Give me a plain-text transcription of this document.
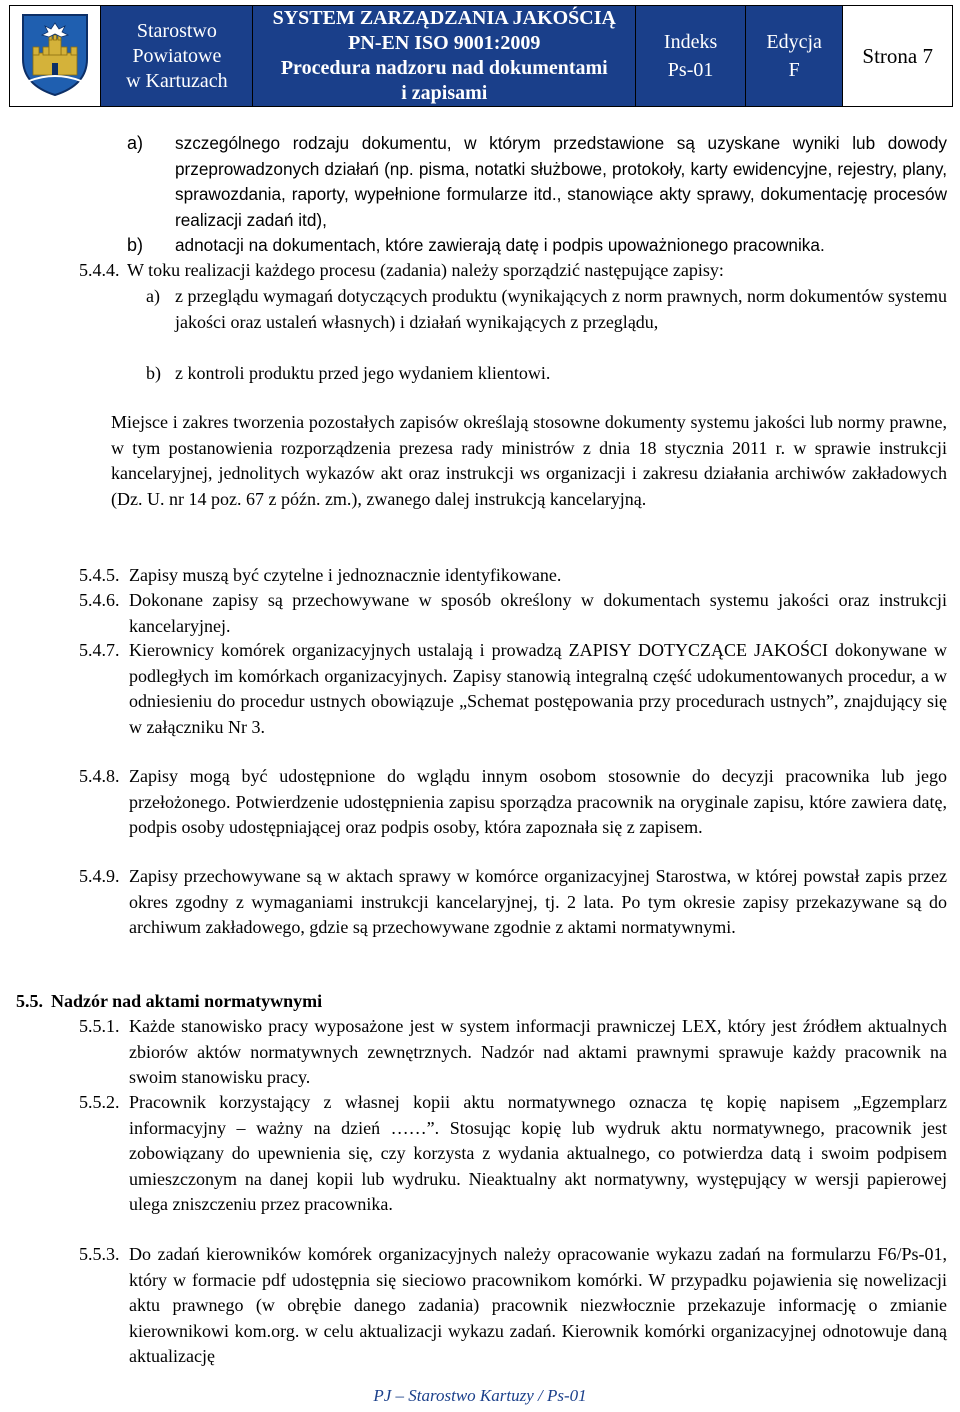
Starostwo
Powiatowe
w Kartuzach

SYSTEM ZARZĄDZANIA JAKOŚCIĄ
PN-EN ISO 9001:2009
Procedura nadzoru nad dokumentami
i zapisami

Indeks
Ps-01

Edycja
F
	Strona 7
a) szczególnego rodzaju dokumentu, w którym przedstawione są uzyskane wyniki lub dowody przeprowadzonych działań (np. pisma, notatki służbowe, protokoły, karty ewidencyjne, rejestry, plany, sprawozdania, raporty, wypełnione formularze itd., stanowiące akty sprawy, dokumentację procesów realizacji zadań itd),
b) adnotacji na dokumentach, które zawierają datę i podpis upoważnionego pracownika.
5.4.4. W toku realizacji każdego procesu (zadania) należy sporządzić następujące zapisy:
a) z przeglądu wymagań dotyczących produktu (wynikających z norm prawnych, norm dokumentów systemu jakości oraz ustaleń własnych) i działań wynikających z przeglądu,
b) z kontroli produktu przed jego wydaniem klientowi.
Miejsce i zakres tworzenia pozostałych zapisów określają stosowne dokumenty systemu jakości lub normy prawne, w tym postanowienia rozporządzenia prezesa rady ministrów z dnia 18 stycznia 2011 r. w sprawie instrukcji kancelaryjnej, jednolitych wykazów akt oraz instrukcji ws organizacji i zakresu działania archiwów zakładowych (Dz. U. nr 14 poz. 67 z późn. zm.), zwanego dalej instrukcją kancelaryjną.
5.4.5. Zapisy muszą być czytelne i jednoznacznie identyfikowane.
5.4.6. Dokonane zapisy są przechowywane w sposób określony w dokumentach systemu jakości oraz instrukcji kancelaryjnej.
5.4.7. Kierownicy komórek organizacyjnych ustalają i prowadzą ZAPISY DOTYCZĄCE JAKOŚCI dokonywane w podległych im komórkach organizacyjnych. Zapisy stanowią integralną część udokumentowanych procedur, a w odniesieniu do procedur ustnych obowiązuje „Schemat postępowania przy procedurach ustnych”, znajdujący się w załączniku Nr 3.
5.4.8. Zapisy mogą być udostępnione do wglądu innym osobom stosownie do decyzji pracownika lub jego przełożonego. Potwierdzenie udostępnienia zapisu sporządza pracownik na oryginale zapisu, które zawiera datę, podpis osoby udostępniającej oraz podpis osoby, która zapoznała się z zapisem.
5.4.9. Zapisy przechowywane są w aktach sprawy w komórce organizacyjnej Starostwa, w której powstał zapis przez okres zgodny z wymaganiami instrukcji kancelaryjnej, tj. 2 lata. Po tym okresie zapisy przekazywane są do archiwum zakładowego, gdzie są przechowywane zgodnie z aktami normatywnymi.
5.5. Nadzór nad aktami normatywnymi
5.5.1. Każde stanowisko pracy wyposażone jest w system informacji prawniczej LEX, który jest źródłem aktualnych zbiorów aktów normatywnych zewnętrznych. Nadzór nad aktami prawnymi sprawuje każdy pracownik na swoim stanowisku pracy.
5.5.2. Pracownik korzystający z własnej kopii aktu normatywnego oznacza tę kopię napisem „Egzemplarz informacyjny – ważny na dzień ……”. Stosując kopię lub wydruk aktu normatywnego, pracownik jest zobowiązany do upewnienia się, czy korzysta z wydania aktualnego, co potwierdza datą i swoim podpisem umieszczonym na danej kopii lub wydruku. Nieaktualny akt normatywny, występujący w wersji papierowej ulega zniszczeniu przez pracownika.
5.5.3. Do zadań kierowników komórek organizacyjnych należy opracowanie wykazu zadań na formularzu F6/Ps-01, który w formacie pdf udostępnia się sieciowo pracownikom komórki. W przypadku pojawienia się nowelizacji aktu prawnego (w obrębie danego zadania) pracownik niezwłocznie przekazuje informację o zmianie kierownikowi kom.org. w celu aktualizacji wykazu zadań. Kierownik komórki organizacyjnej odnotowuje daną aktualizację
PJ – Starostwo Kartuzy / Ps-01
